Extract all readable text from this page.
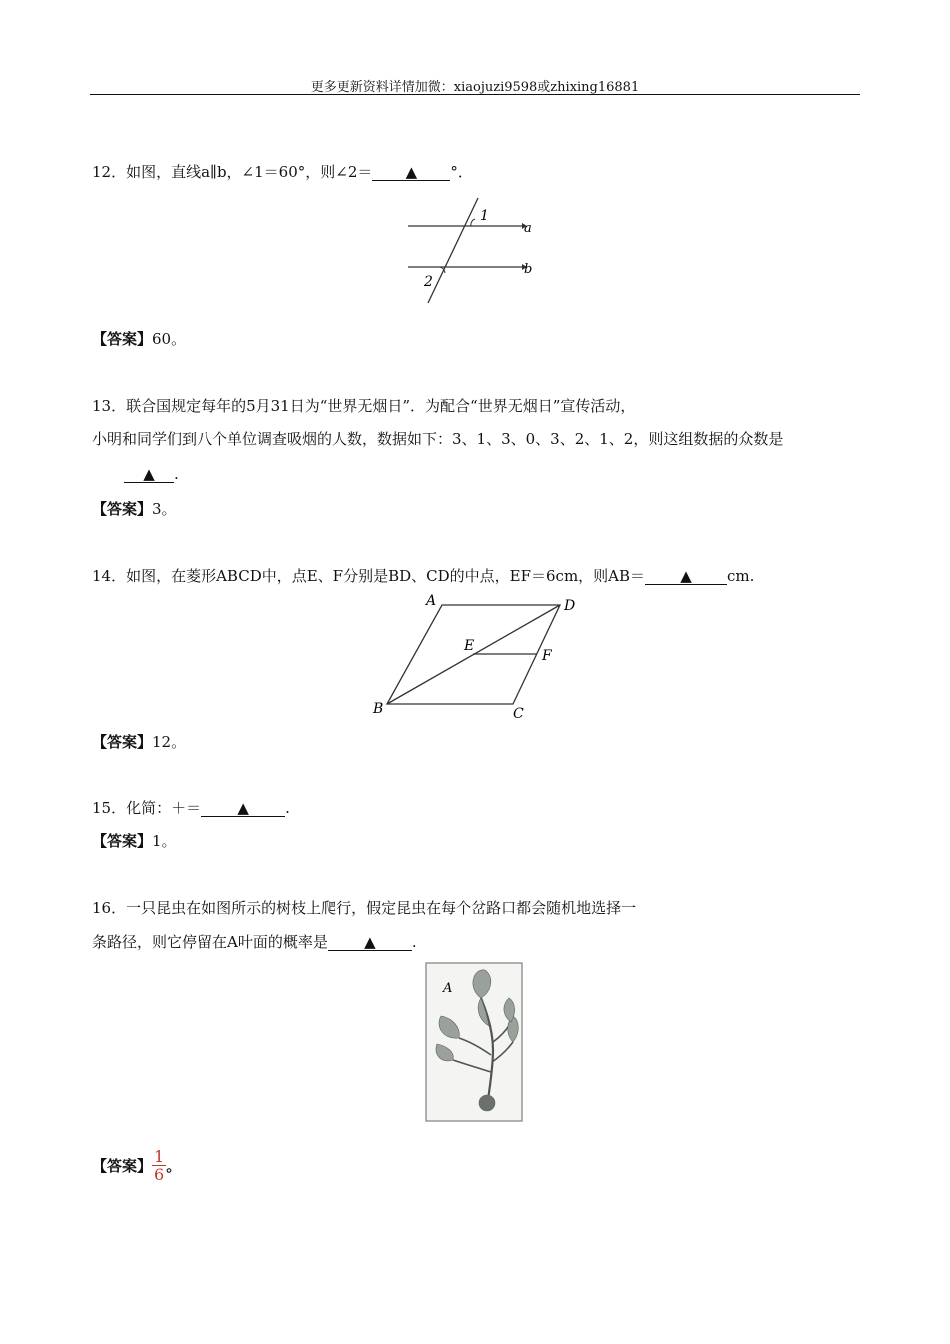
更多更新资料详情加微：xiaojuzi9598或zhixing16881
12．如图，直线a∥b，∠1＝60°，则∠2＝ ▲ °．
1
2
a
b
【答案】60。
13．联合国规定每年的5月31日为“世界无烟日”．为配合“世界无烟日”宣传活动，
小明和同学们到八个单位调查吸烟的人数，数据如下：3、1、3、0、3、2、1、2，则这组数据的众数是
▲ .
【答案】3。
14．如图，在菱形ABCD中，点E、F分别是BD、CD的中点，EF＝6cm，则AB＝ ▲ cm.
A	D
E
F
B	C
【答案】12。
15．化简：＋＝ ▲ .
【答案】1。
16．一只昆虫在如图所示的树枝上爬行，假定昆虫在每个岔路口都会随机地选择一
条路径，则它停留在A叶面的概率是 ▲ .
A
【答案】 $\frac{1}{6}$ 。
